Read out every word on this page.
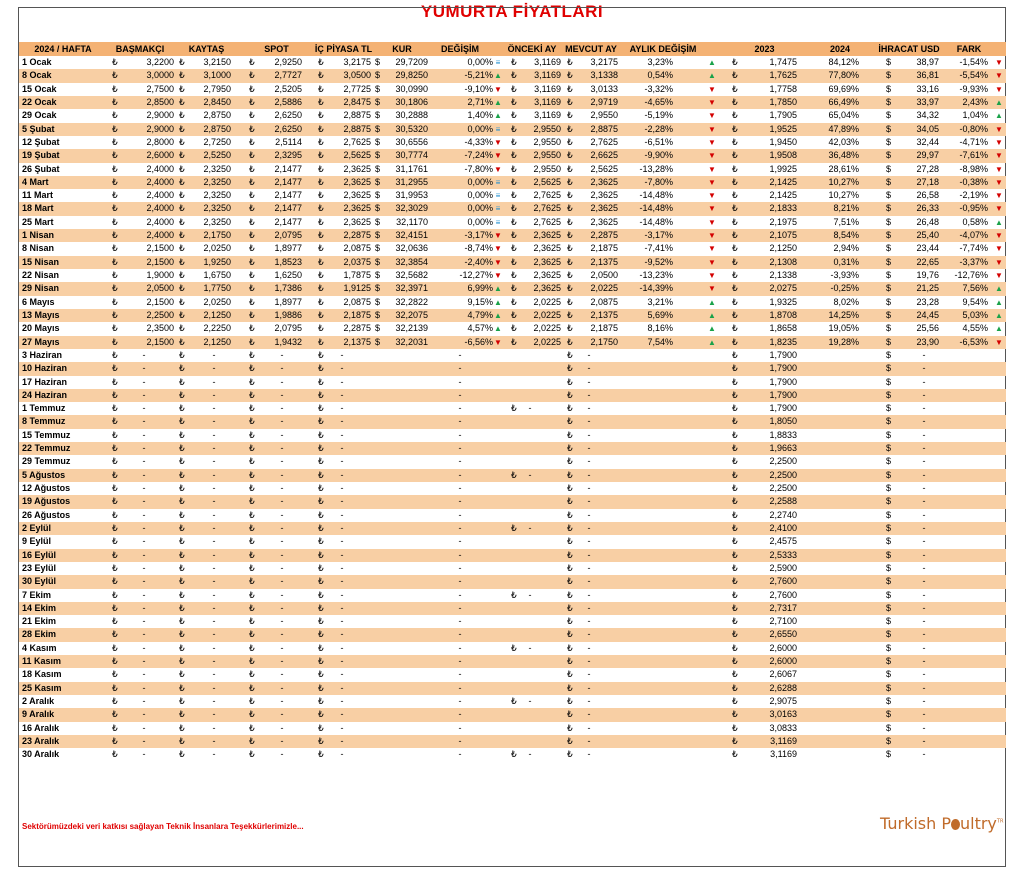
YUMURTA FİYATLARI
2024 / HAFTA	BAŞMAKÇI	KAYTAŞ	SPOT	İÇ PİYASA TL	KUR	DEĞİŞİM	ÖNCEKİ AY MEVCUT AY	AYLIK DEĞİŞİM	2023	2024	İHRACAT USD	FARK
1 Ocak	₺	3,2200 ₺	3,2150 ₺	2,9250 ₺	3,2175 $	29,7209	0,00% ≡ ₺	3,1169 ₺	3,2175	3,23%	▲ ₺	1,7475	84,12%	$	38,97	-1,54% ▼
8 Ocak	₺	3,0000 ₺	3,1000 ₺	2,7727 ₺	3,0500 $	29,8250	-5,21% ▲ ₺	3,1169 ₺	3,1338	0,54%	▲ ₺	1,7625	77,80%	$	36,81	-5,54% ▼
15 Ocak	₺	2,7500 ₺	2,7950 ₺	2,5205 ₺	2,7725 $	30,0990	-9,10% ▼ ₺	3,1169 ₺	3,0133	-3,32%	▼ ₺	1,7758	69,69%	$	33,16	-9,93% ▼
22 Ocak	₺	2,8500 ₺	2,8450 ₺	2,5886 ₺	2,8475 $	30,1806	2,71% ▲ ₺	3,1169 ₺	2,9719	-4,65%	▼ ₺	1,7850	66,49%	$	33,97	2,43% ▲
29 Ocak	₺	2,9000 ₺	2,8750 ₺	2,6250 ₺	2,8875 $	30,2888	1,40% ▲ ₺	3,1169 ₺	2,9550	-5,19%	▼ ₺	1,7905	65,04%	$	34,32	1,04% ▲
5 Şubat	₺	2,9000 ₺	2,8750 ₺	2,6250 ₺	2,8875 $	30,5320	0,00% ≡ ₺	2,9550 ₺	2,8875	-2,28%	▼ ₺	1,9525	47,89%	$	34,05	-0,80% ▼
12 Şubat	₺	2,8000 ₺	2,7250 ₺	2,5114 ₺	2,7625 $	30,6556	-4,33% ▼ ₺	2,9550 ₺	2,7625	-6,51%	▼ ₺	1,9450	42,03%	$	32,44	-4,71% ▼
19 Şubat	₺	2,6000 ₺	2,5250 ₺	2,3295 ₺	2,5625 $	30,7774	-7,24% ▼ ₺	2,9550 ₺	2,6625	-9,90%	▼ ₺	1,9508	36,48%	$	29,97	-7,61% ▼
26 Şubat	₺	2,4000 ₺	2,3250 ₺	2,1477 ₺	2,3625 $	31,1761	-7,80% ▼ ₺	2,9550 ₺	2,5625	-13,28%	▼ ₺	1,9925	28,61%	$	27,28	-8,98% ▼
4 Mart	₺	2,4000 ₺	2,3250 ₺	2,1477 ₺	2,3625 $	31,2955	0,00% ≡ ₺	2,5625 ₺	2,3625	-7,80%	▼ ₺	2,1425	10,27%	$	27,18	-0,38% ▼
11 Mart	₺	2,4000 ₺	2,3250 ₺	2,1477 ₺	2,3625 $	31,9953	0,00% ≡ ₺	2,7625 ₺	2,3625	-14,48%	▼ ₺	2,1425	10,27%	$	26,58	-2,19% ▼
18 Mart	₺	2,4000 ₺	2,3250 ₺	2,1477 ₺	2,3625 $	32,3029	0,00% ≡ ₺	2,7625 ₺	2,3625	-14,48%	▼ ₺	2,1833	8,21%	$	26,33	-0,95% ▼
25 Mart	₺	2,4000 ₺	2,3250 ₺	2,1477 ₺	2,3625 $	32,1170	0,00% ≡ ₺	2,7625 ₺	2,3625	-14,48%	▼ ₺	2,1975	7,51%	$	26,48	0,58% ▲
1 Nisan	₺	2,4000 ₺	2,1750 ₺	2,0795 ₺	2,2875 $	32,4151	-3,17% ▼ ₺	2,3625 ₺	2,2875	-3,17%	▼ ₺	2,1075	8,54%	$	25,40	-4,07% ▼
8 Nisan	₺	2,1500 ₺	2,0250 ₺	1,8977 ₺	2,0875 $	32,0636	-8,74% ▼ ₺	2,3625 ₺	2,1875	-7,41%	▼ ₺	2,1250	2,94%	$	23,44	-7,74% ▼
15 Nisan	₺	2,1500 ₺	1,9250 ₺	1,8523 ₺	2,0375 $	32,3854	-2,40% ▼ ₺	2,3625 ₺	2,1375	-9,52%	▼ ₺	2,1308	0,31%	$	22,65	-3,37% ▼
22 Nisan	₺	1,9000 ₺	1,6750 ₺	1,6250 ₺	1,7875 $	32,5682	-12,27% ▼ ₺	2,3625 ₺	2,0500	-13,23%	▼ ₺	2,1338	-3,93%	$	19,76	-12,76% ▼
29 Nisan	₺	2,0500 ₺	1,7750 ₺	1,7386 ₺	1,9125 $	32,3971	6,99% ▲ ₺	2,3625 ₺	2,0225	-14,39%	▼ ₺	2,0275	-0,25%	$	21,25	7,56% ▲
6 Mayıs	₺	2,1500 ₺	2,0250 ₺	1,8977 ₺	2,0875 $	32,2822	9,15% ▲ ₺	2,0225 ₺	2,0875	3,21%	▲ ₺	1,9325	8,02%	$	23,28	9,54% ▲
13 Mayıs	₺	2,2500 ₺	2,1250 ₺	1,9886 ₺	2,1875 $	32,2075	4,79% ▲ ₺	2,0225 ₺	2,1375	5,69%	▲ ₺	1,8708	14,25%	$	24,45	5,03% ▲
20 Mayıs	₺	2,3500 ₺	2,2250 ₺	2,0795 ₺	2,2875 $	32,2139	4,57% ▲ ₺	2,0225 ₺	2,1875	8,16%	▲ ₺	1,8658	19,05%	$	25,56	4,55% ▲
27 Mayıs	₺	2,1500 ₺	2,1250 ₺	1,9432 ₺	2,1375 $	32,2031	-6,56% ▼ ₺	2,0225 ₺	2,1750	7,54%	▲ ₺	1,8235	19,28%	$	23,90	-6,53% ▼
3 Haziran	₺	-	₺	-	₺	-	₺	-	-	₺	-	₺	1,7900	$	-
10 Haziran	₺	-	₺	-	₺	-	₺	-	-	₺	-	₺	1,7900	$	-
17 Haziran	₺	-	₺	-	₺	-	₺	-	-	₺	-	₺	1,7900	$	-
24 Haziran	₺	-	₺	-	₺	-	₺	-	-	₺	-	₺	1,7900	$	-
1 Temmuz	₺	-	₺	-	₺	-	₺	-	-	₺	-	₺	-	₺	1,7900	$	-
8 Temmuz	₺	-	₺	-	₺	-	₺	-	-	₺	-	₺	1,8050	$	-
15 Temmuz	₺	-	₺	-	₺	-	₺	-	-	₺	-	₺	1,8833	$	-
22 Temmuz	₺	-	₺	-	₺	-	₺	-	-	₺	-	₺	1,9663	$	-
29 Temmuz	₺	-	₺	-	₺	-	₺	-	-	₺	-	₺	2,2500	$	-
5 Ağustos	₺	-	₺	-	₺	-	₺	-	-	₺	-	₺	-	₺	2,2500	$	-
12 Ağustos	₺	-	₺	-	₺	-	₺	-	-	₺	-	₺	2,2500	$	-
19 Ağustos	₺	-	₺	-	₺	-	₺	-	-	₺	-	₺	2,2588	$	-
26 Ağustos	₺	-	₺	-	₺	-	₺	-	-	₺	-	₺	2,2740	$	-
2 Eylül	₺	-	₺	-	₺	-	₺	-	-	₺	-	₺	-	₺	2,4100	$	-
9 Eylül	₺	-	₺	-	₺	-	₺	-	-	₺	-	₺	2,4575	$	-
16 Eylül	₺	-	₺	-	₺	-	₺	-	-	₺	-	₺	2,5333	$	-
23 Eylül	₺	-	₺	-	₺	-	₺	-	-	₺	-	₺	2,5900	$	-
30 Eylül	₺	-	₺	-	₺	-	₺	-	-	₺	-	₺	2,7600	$	-
7 Ekim	₺	-	₺	-	₺	-	₺	-	-	₺	-	₺	-	₺	2,7600	$	-
14 Ekim	₺	-	₺	-	₺	-	₺	-	-	₺	-	₺	2,7317	$	-
21 Ekim	₺	-	₺	-	₺	-	₺	-	-	₺	-	₺	2,7100	$	-
28 Ekim	₺	-	₺	-	₺	-	₺	-	-	₺	-	₺	2,6550	$	-
4 Kasım	₺	-	₺	-	₺	-	₺	-	-	₺	-	₺	-	₺	2,6000	$	-
11 Kasım	₺	-	₺	-	₺	-	₺	-	-	₺	-	₺	2,6000	$	-
18 Kasım	₺	-	₺	-	₺	-	₺	-	-	₺	-	₺	2,6067	$	-
25 Kasım	₺	-	₺	-	₺	-	₺	-	-	₺	-	₺	2,6288	$	-
2 Aralık	₺	-	₺	-	₺	-	₺	-	-	₺	-	₺	-	₺	2,9075	$	-
9 Aralık	₺	-	₺	-	₺	-	₺	-	-	₺	-	₺	3,0163	$	-
16 Aralık	₺	-	₺	-	₺	-	₺	-	-	₺	-	₺	3,0833	$	-
23 Aralık	₺	-	₺	-	₺	-	₺	-	-	₺	-	₺	3,1169	$	-
30 Aralık	₺	-	₺	-	₺	-	₺	-	-	₺	-	₺	-	₺	3,1169	$	-
Sektörümüzdeki veri katkısı sağlayan Teknik İnsanlara Teşekkürlerimizle...	Turkish P ultry$^{TR}$
